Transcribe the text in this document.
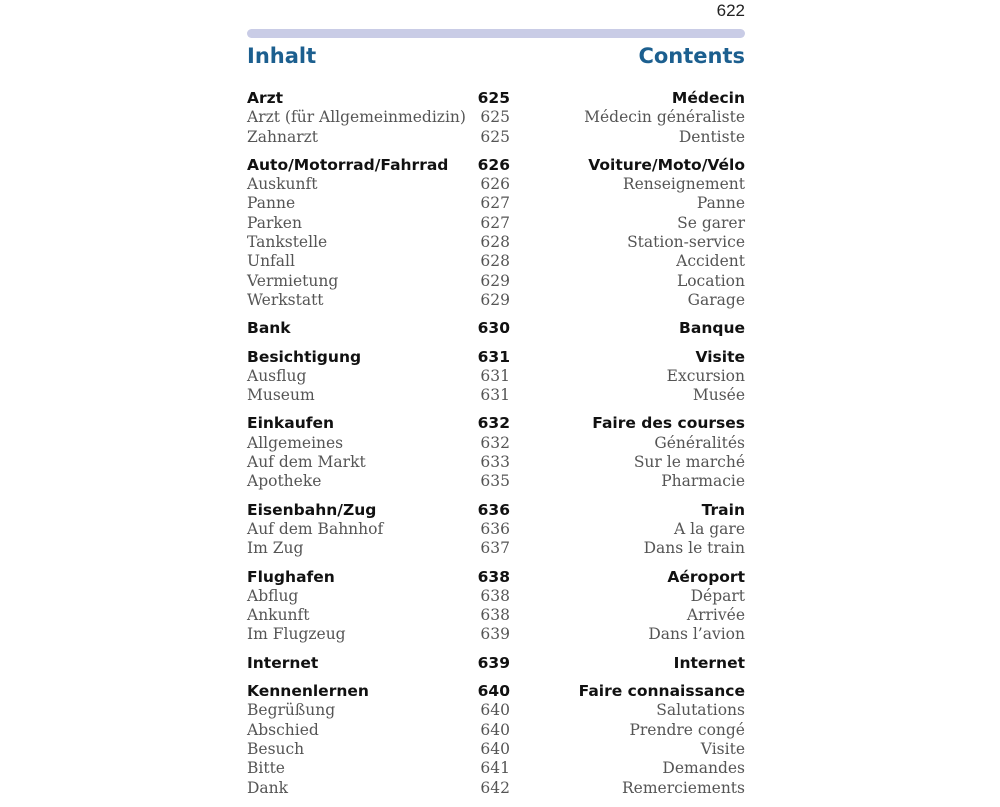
622
Inhalt	Contents
Arzt	625	Médecin
Arzt (für Allgemeinmedizin) 625	Médecin généraliste
Zahnarzt	625	Dentiste
Auto/Motorrad/Fahrrad 626	Voiture/Moto/Vélo
Auskunft	626	Renseignement
Panne	627	Panne
Parken	627	Se garer
Tankstelle	628	Station-service
Unfall	628	Accident
Vermietung	629	Location
Werkstatt	629	Garage
Bank	630	Banque
Besichtigung	631	Visite
Ausflug	631	Excursion
Museum	631	Musée
Einkaufen	632	Faire des courses
Allgemeines	632	Généralités
Auf dem Markt	633	Sur le marché
Apotheke	635	Pharmacie
Eisenbahn/Zug	636	Train
Auf dem Bahnhof	636	A la gare
Im Zug	637	Dans le train
Flughafen	638	Aéroport
Abflug	638	Départ
Ankunft	638	Arrivée
Im Flugzeug	639	Dans l’avion
Internet	639	Internet
Kennenlernen	640	Faire connaissance
Begrüßung	640	Salutations
Abschied	640	Prendre congé
Besuch	640	Visite
Bitte	641	Demandes
Dank	642	Remerciements
